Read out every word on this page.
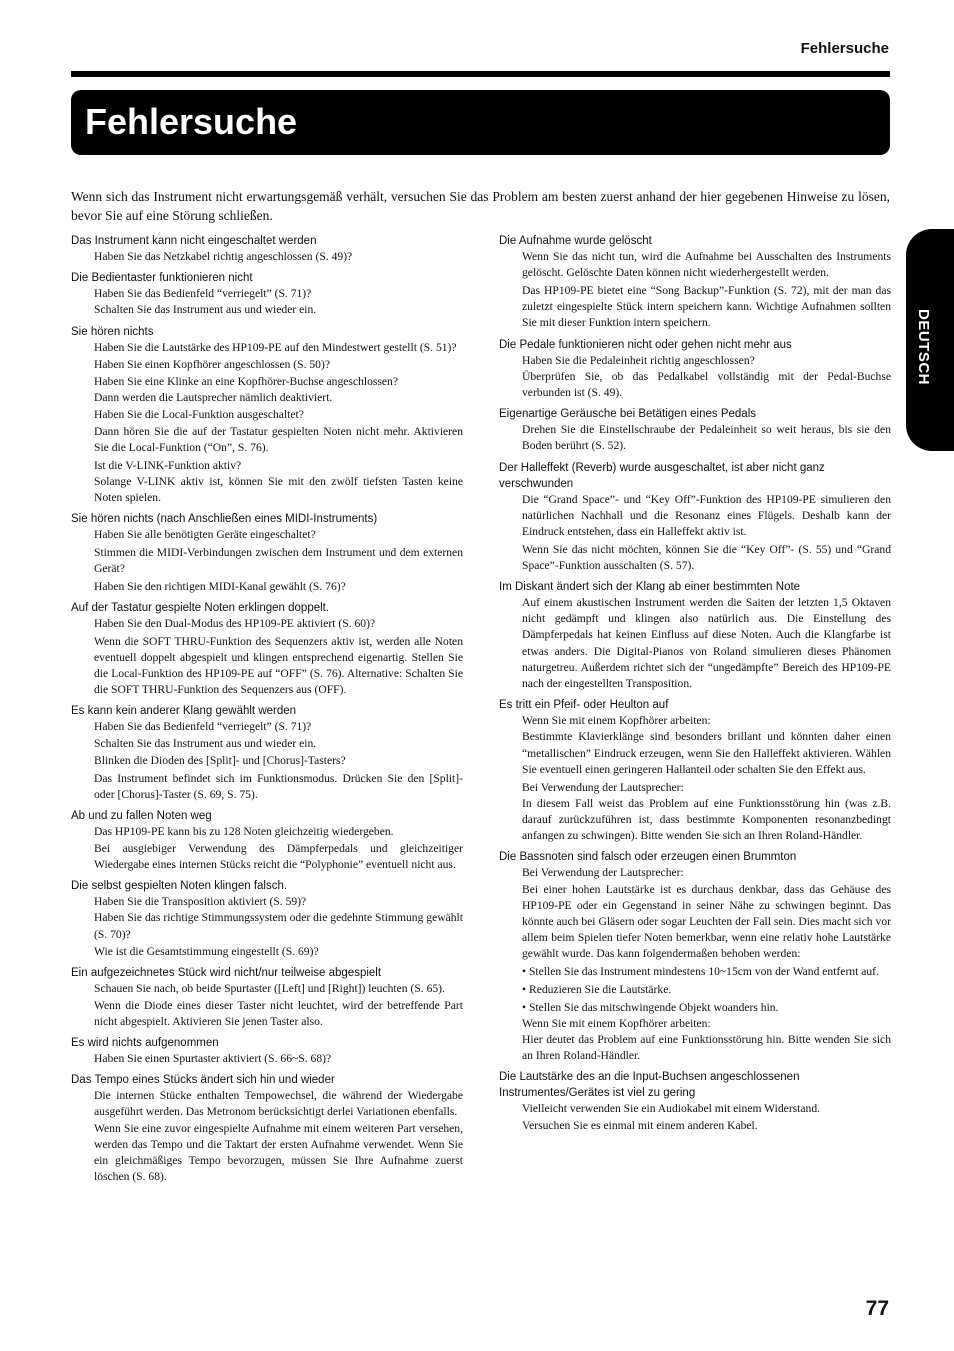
Fehlersuche
Fehlersuche
DEUTSCH
Wenn sich das Instrument nicht erwartungsgemäß verhält, versuchen Sie das Problem am besten zuerst anhand der hier gegebenen Hinweise zu lösen, bevor Sie auf eine Störung schließen.
Das Instrument kann nicht eingeschaltet werden
Haben Sie das Netzkabel richtig angeschlossen (S. 49)?
Die Bedientaster funktionieren nicht
Haben Sie das Bedienfeld “verriegelt” (S. 71)?
Schalten Sie das Instrument aus und wieder ein.
Sie hören nichts
Haben Sie die Lautstärke des HP109-PE auf den Mindestwert gestellt (S. 51)?
Haben Sie einen Kopfhörer angeschlossen (S. 50)?
Haben Sie eine Klinke an eine Kopfhörer-Buchse angeschlossen?
Dann werden die Lautsprecher nämlich deaktiviert.
Haben Sie die Local-Funktion ausgeschaltet?
Dann hören Sie die auf der Tastatur gespielten Noten nicht mehr. Aktivieren Sie die Local-Funktion (“On”, S. 76).
Ist die V-LINK-Funktion aktiv?
Solange V-LINK aktiv ist, können Sie mit den zwölf tiefsten Tasten keine Noten spielen.
Sie hören nichts (nach Anschließen eines MIDI-Instruments)
Haben Sie alle benötigten Geräte eingeschaltet?
Stimmen die MIDI-Verbindungen zwischen dem Instrument und dem externen Gerät?
Haben Sie den richtigen MIDI-Kanal gewählt (S. 76)?
Auf der Tastatur gespielte Noten erklingen doppelt.
Haben Sie den Dual-Modus des HP109-PE aktiviert (S. 60)?
Wenn die SOFT THRU-Funktion des Sequenzers aktiv ist, werden alle Noten eventuell doppelt abgespielt und klingen entsprechend eigenartig. Stellen Sie die Local-Funktion des HP109-PE auf “OFF” (S. 76). Alternative: Schalten Sie die SOFT THRU-Funktion des Sequenzers aus (OFF).
Es kann kein anderer Klang gewählt werden
Haben Sie das Bedienfeld “verriegelt” (S. 71)?
Schalten Sie das Instrument aus und wieder ein.
Blinken die Dioden des [Split]- und [Chorus]-Tasters?
Das Instrument befindet sich im Funktionsmodus. Drücken Sie den [Split]- oder [Chorus]-Taster (S. 69, S. 75).
Ab und zu fallen Noten weg
Das HP109-PE kann bis zu 128 Noten gleichzeitig wiedergeben.
Bei ausgiebiger Verwendung des Dämpferpedals und gleichzeitiger Wiedergabe eines internen Stücks reicht die “Polyphonie” eventuell nicht aus.
Die selbst gespielten Noten klingen falsch.
Haben Sie die Transposition aktiviert (S. 59)?
Haben Sie das richtige Stimmungssystem oder die gedehnte Stimmung gewählt (S. 70)?
Wie ist die Gesamtstimmung eingestellt (S. 69)?
Ein aufgezeichnetes Stück wird nicht/nur teilweise abgespielt
Schauen Sie nach, ob beide Spurtaster ([Left] und [Right]) leuchten (S. 65).
Wenn die Diode eines dieser Taster nicht leuchtet, wird der betreffende Part nicht abgespielt. Aktivieren Sie jenen Taster also.
Es wird nichts aufgenommen
Haben Sie einen Spurtaster aktiviert (S. 66~S. 68)?
Das Tempo eines Stücks ändert sich hin und wieder
Die internen Stücke enthalten Tempowechsel, die während der Wiedergabe ausgeführt werden. Das Metronom berücksichtigt derlei Variationen ebenfalls.
Wenn Sie eine zuvor eingespielte Aufnahme mit einem weiteren Part versehen, werden das Tempo und die Taktart der ersten Aufnahme verwendet. Wenn Sie ein gleichmäßiges Tempo bevorzugen, müssen Sie Ihre Aufnahme zuerst löschen (S. 68).
Die Aufnahme wurde gelöscht
Wenn Sie das nicht tun, wird die Aufnahme bei Ausschalten des Instruments gelöscht. Gelöschte Daten können nicht wiederhergestellt werden.
Das HP109-PE bietet eine “Song Backup”-Funktion (S. 72), mit der man das zuletzt eingespielte Stück intern speichern kann. Wichtige Aufnahmen sollten Sie mit dieser Funktion intern speichern.
Die Pedale funktionieren nicht oder gehen nicht mehr aus
Haben Sie die Pedaleinheit richtig angeschlossen?
Überprüfen Sie, ob das Pedalkabel vollständig mit der Pedal-Buchse verbunden ist (S. 49).
Eigenartige Geräusche bei Betätigen eines Pedals
Drehen Sie die Einstellschraube der Pedaleinheit so weit heraus, bis sie den Boden berührt (S. 52).
Der Halleffekt (Reverb) wurde ausgeschaltet, ist aber nicht ganz verschwunden
Die “Grand Space”- und “Key Off”-Funktion des HP109-PE simulieren den natürlichen Nachhall und die Resonanz eines Flügels. Deshalb kann der Eindruck entstehen, dass ein Halleffekt aktiv ist.
Wenn Sie das nicht möchten, können Sie die “Key Off”- (S. 55) und “Grand Space”-Funktion ausschalten (S. 57).
Im Diskant ändert sich der Klang ab einer bestimmten Note
Auf einem akustischen Instrument werden die Saiten der letzten 1,5 Oktaven nicht gedämpft und klingen also natürlich aus. Die Einstellung des Dämpferpedals hat keinen Einfluss auf diese Noten. Auch die Klangfarbe ist etwas anders. Die Digital-Pianos von Roland simulieren dieses Phänomen naturgetreu. Außerdem richtet sich der “ungedämpfte” Bereich des HP109-PE nach der eingestellten Transposition.
Es tritt ein Pfeif- oder Heulton auf
Wenn Sie mit einem Kopfhörer arbeiten:
Bestimmte Klavierklänge sind besonders brillant und könnten daher einen “metallischen” Eindruck erzeugen, wenn Sie den Halleffekt aktivieren. Wählen Sie eventuell einen geringeren Hallanteil oder schalten Sie den Effekt aus.
Bei Verwendung der Lautsprecher:
In diesem Fall weist das Problem auf eine Funktionsstörung hin (was z.B. darauf zurückzuführen ist, dass bestimmte Komponenten resonanzbedingt anfangen zu schwingen). Bitte wenden Sie sich an Ihren Roland-Händler.
Die Bassnoten sind falsch oder erzeugen einen Brummton
Bei Verwendung der Lautsprecher:
Bei einer hohen Lautstärke ist es durchaus denkbar, dass das Gehäuse des HP109-PE oder ein Gegenstand in seiner Nähe zu schwingen beginnt. Das könnte auch bei Gläsern oder sogar Leuchten der Fall sein. Dies macht sich vor allem beim Spielen tiefer Noten bemerkbar, wenn eine relativ hohe Lautstärke gewählt wurde. Das kann folgendermaßen behoben werden:
• Stellen Sie das Instrument mindestens 10~15cm von der Wand entfernt auf.
• Reduzieren Sie die Lautstärke.
• Stellen Sie das mitschwingende Objekt woanders hin.
Wenn Sie mit einem Kopfhörer arbeiten:
Hier deutet das Problem auf eine Funktionsstörung hin. Bitte wenden Sie sich an Ihren Roland-Händler.
Die Lautstärke des an die Input-Buchsen angeschlossenen Instrumentes/Gerätes ist viel zu gering
Vielleicht verwenden Sie ein Audiokabel mit einem Widerstand.
Versuchen Sie es einmal mit einem anderen Kabel.
77
